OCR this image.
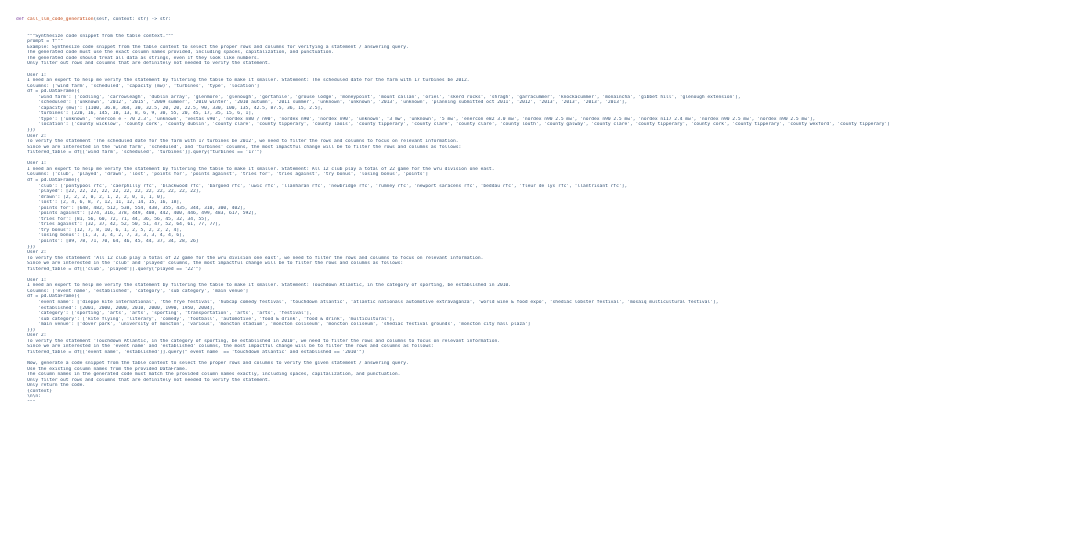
def call_llm_code_generation(self, context: str) -> str:

"""Synthesize code snippet from the table context."""
prompt = f"""
Example: Synthesize code snippet from the table context to select the proper rows and columns for verifying a statement / answering query.
The generated code must use the exact column names provided, including spaces, capitalization, and punctuation.
The generated code should treat all data as strings, even if they look like numbers.
Only filter out rows and columns that are definitely not needed to verify the statement.
User 1:
I need an expert to help me verify the statement by filtering the table to make it smaller. Statement: The scheduled date for the farm with 17 turbines be 2012.
Columns: ['wind farm', 'scheduled', 'capacity (mw)', 'turbines', 'type', 'location']
df = pd.DataFrame({
'wind farm': ['codling', 'carrowleagh', 'dublin array', 'glenmore', 'glenough', 'gortahile', 'grouse lodge', 'moneypoint', 'mount callan', 'oriel', 'skerd rocks', 'shragh', 'garracummer', 'knockacummer', 'monaincha', 'gibbet hill', 'glenough extension'],
'scheduled': ['unknown', '2012', '2015', '2009 summer', '2010 winter', '2010 autumn', '2011 summer', 'unknown', 'unknown', '2013', 'unknown', 'planning submitted oct 2011', '2012', '2013', '2013', '2013', '2013'],
'capacity (mw)': [1100, 36.8, 364, 30, 32.5, 20, 20, 22.5, 90, 330, 100, 135, 42.5, 87.5, 36, 15, 2.5],
'turbines': [220, 16, 145, 10, 13, 8, 6, 9, 30, 55, 20, 45, 17, 35, 15, 6, 1],
'type': ['unknown', 'enercon e - 70 2.3', 'unknown', 'vestas v90', 'nordex n80 / n90', 'nordex n90', 'nordex n90', 'unknown', '3 mw', 'unknown', '5 mw', 'enercon e82 3.0 mw', 'nordex n90 2.5 mw', 'nordex n90 2.5 mw', 'nordex n117 2.4 mw', 'nordex n90 2.5 mw', 'nordex n90 2.5 mw'],
'location': ['county wicklow', 'county cork', 'county dublin', 'county clare', 'county tipperary', 'county laois', 'county tipperary', 'county clare', 'county clare', 'county louth', 'county galway', 'county clare', 'county tipperary', 'county cork', 'county tipperary', 'county wexford', 'county tipperary']
}})
User 2:
To verify the statement 'The scheduled date for the farm with 17 turbines be 2012', we need to filter the rows and columns to focus on relevant information.
Since we are interested in the 'wind farm', 'scheduled', and 'turbines' columns, the most impactful change will be to filter the rows and columns as follows:
filtered_table = df[['wind farm', 'scheduled', 'turbines']].query("turbines == '17'")
User 1:
I need an expert to help me verify the statement by filtering the table to make it smaller. Statement: All 12 club play a total of 22 game for the wru division one east.
Columns: ['club', 'played', 'drawn', 'lost', 'points for', 'points against', 'tries for', 'tries against', 'try bonus', 'losing bonus', 'points']
df = pd.DataFrame({
'club': ['pontypool rfc', 'caerphilly rfc', 'blackwood rfc', 'bargoed rfc', 'uwic rfc', 'llanharan rfc', 'newbridge rfc', 'rumney rfc', 'newport saracens rfc', 'beddau rfc', 'fleur de lys rfc', 'llantrisant rfc'],
'played': [22, 22, 22, 22, 22, 22, 22, 22, 22, 22, 22, 22],
'drawn': [2, 2, 2, 0, 2, 1, 2, 2, 0, 1, 1, 0],
'lost': [2, 4, 6, 8, 7, 12, 11, 12, 14, 15, 16, 18],
'points for': [648, 482, 512, 538, 554, 438, 355, 435, 344, 310, 300, 402],
'points against': [274, 316, 378, 449, 408, 442, 400, 446, 499, 483, 617, 592],
'tries for': [81, 56, 60, 72, 71, 44, 36, 56, 45, 32, 34, 55],
'tries against': [32, 37, 42, 52, 50, 51, 47, 52, 64, 61, 77, 77],
'try bonus': [12, 7, 8, 10, 6, 1, 2, 5, 2, 2, 2, 4],
'losing bonus': [1, 3, 3, 4, 2, 7, 3, 3, 3, 4, 4, 6],
'points': [89, 78, 71, 70, 64, 46, 45, 44, 37, 34, 28, 26]
}})
User 2:
To verify the statement 'All 12 club play a total of 22 game for the wru division one east', we need to filter the rows and columns to focus on relevant information.
Since we are interested in the 'club' and 'played' columns, the most impactful change will be to filter the rows and columns as follows:
filtered_table = df[['club', 'played']].query("played == '22'")
User 1:
I need an expert to help me verify the statement by filtering the table to make it smaller. Statement: Touchdown Atlantic, in the category of sporting, be established in 2010.
Columns: ['event name', 'established', 'category', 'sub category', 'main venue']
df = pd.DataFrame({
'event name': ['dieppe kite international', 'the frye festival', 'hubcap comedy festival', 'touchdown atlantic', 'atlantic nationals automotive extravaganza', 'world wine & food expo', 'shediac lobster festival', 'mosaiq multicultural festival'],
'established': [2001, 2000, 2000, 2010, 2000, 1990, 1950, 2004],
'category': ['sporting', 'arts', 'arts', 'sporting', 'transportation', 'arts', 'arts', 'festival'],
'sub category': ['kite flying', 'literary', 'comedy', 'football', 'automotive', 'food & drink', 'food & drink', 'multicultural'],
'main venue': ['dover park', 'university of moncton', 'various', 'moncton stadium', 'moncton coliseum', 'moncton coliseum', 'shediac festival grounds', 'moncton city hall plaza']
}})
User 2:
To verify the statement 'Touchdown Atlantic, in the category of sporting, be established in 2010', we need to filter the rows and columns to focus on relevant information.
Since we are interested in the 'event name' and 'established' columns, the most impactful change will be to filter the rows and columns as follows:
filtered_table = df[['event name', 'established']].query("`event name` == 'touchdown atlantic' and established == '2010'")
Now, generate a code snippet from the table context to select the proper rows and columns to verify the given statement / answering query.
Use the existing column names from the provided DataFrame.
The column names in the generated code must match the provided column names exactly, including spaces, capitalization, and punctuation.
Only filter out rows and columns that are definitely not needed to verify the statement.
Only return the code.
{context}
\n\n:
"""
